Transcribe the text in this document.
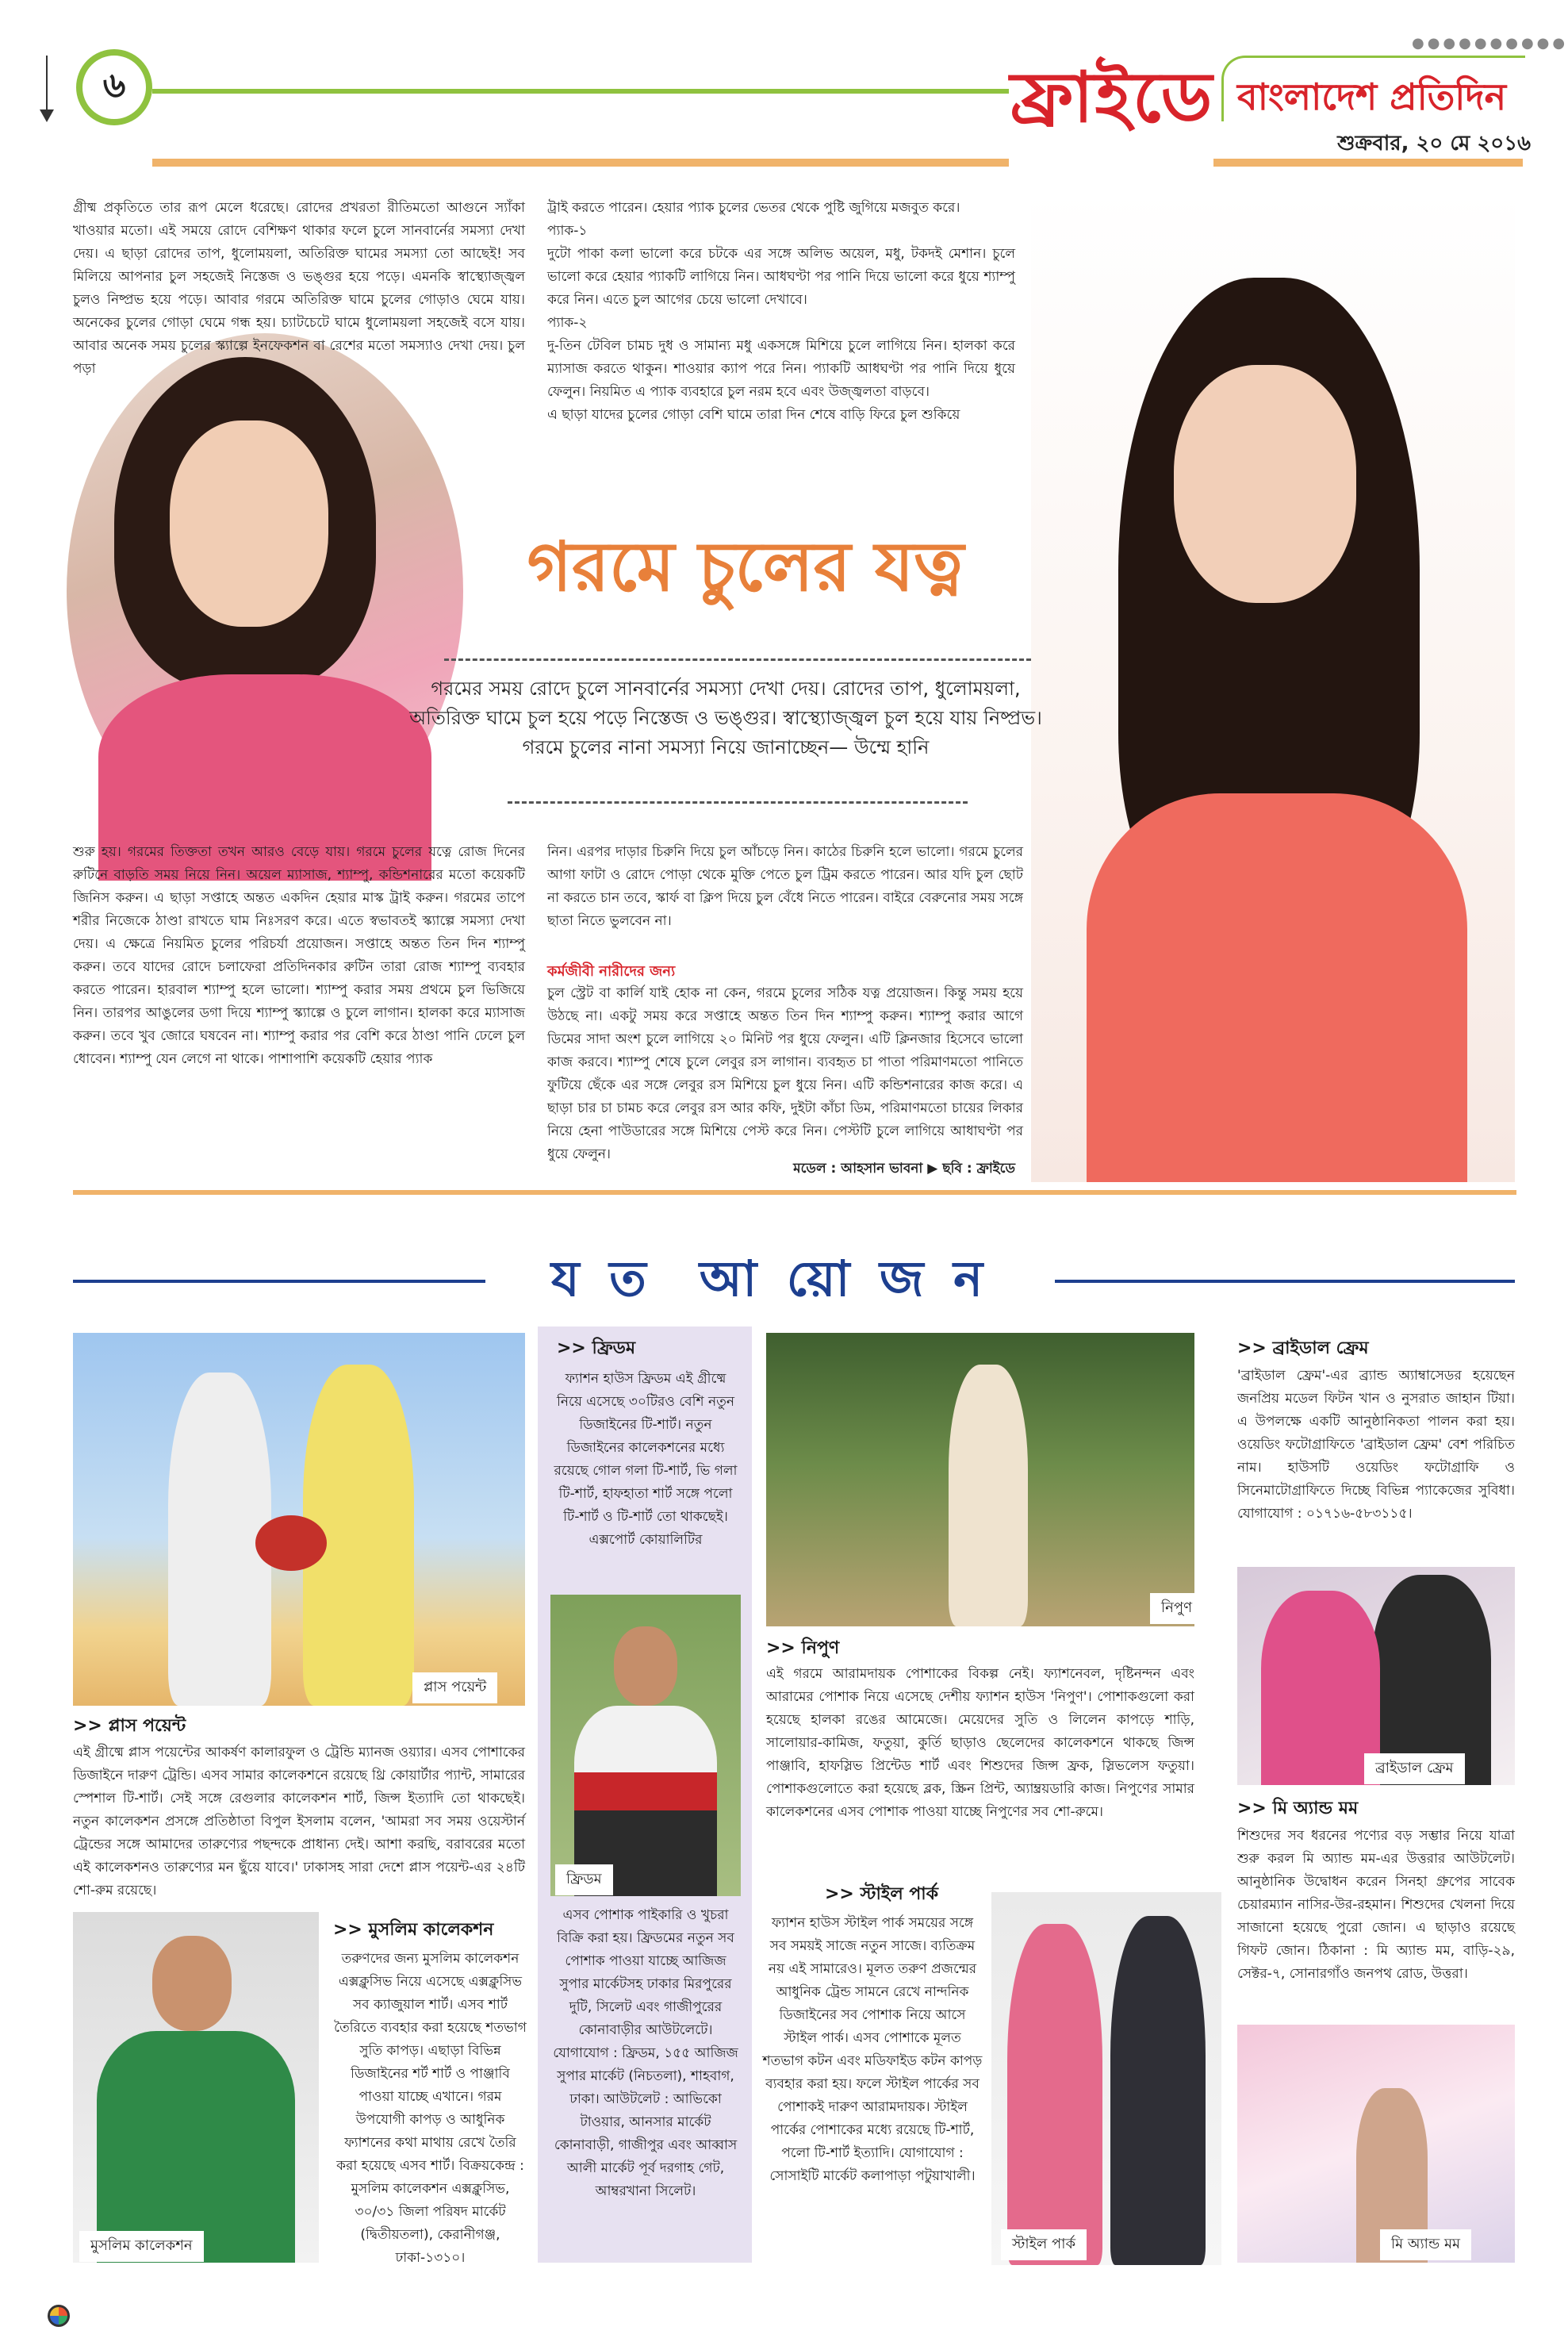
৬	ফ্রাইডে
●●●●●●●●●●
বাংলাদেশ প্রতিদিন
শুক্রবার, ২০ মে ২০১৬
গ্রীষ্ম প্রকৃতিতে তার রূপ মেলে ধরেছে। রোদের প্রখরতা রীতিমতো আগুনে স্যাঁকা খাওয়ার মতো। এই সময়ে রোদে বেশিক্ষণ থাকার ফলে চুলে সানবার্নের সমস্যা দেখা দেয়। এ ছাড়া রোদের তাপ, ধুলোময়লা, অতিরিক্ত ঘামের সমস্যা তো আছেই! সব মিলিয়ে আপনার চুল সহজেই নিস্তেজ ও ভঙ্গুর হয়ে পড়ে। এমনকি স্বাস্থ্যোজ্জ্বল চুলও নিষ্প্রভ হয়ে পড়ে। আবার গরমে অতিরিক্ত ঘামে চুলের গোড়াও ঘেমে যায়। অনেকের চুলের গোড়া ঘেমে গন্ধ হয়। চ্যাটচেটে ঘামে ধুলোময়লা সহজেই বসে যায়। আবার অনেক সময় চুলের স্ক্যাল্পে ইনফেকশন বা রেশের মতো সমস্যাও দেখা দেয়। চুল পড়া
ট্রাই করতে পারেন। হেয়ার প্যাক চুলের ভেতর থেকে পুষ্টি জুগিয়ে মজবুত করে।
প্যাক-১
দুটো পাকা কলা ভালো করে চটকে এর সঙ্গে অলিভ অয়েল, মধু, টকদই মেশান। চুলে ভালো করে হেয়ার প্যাকটি লাগিয়ে নিন। আধঘণ্টা পর পানি দিয়ে ভালো করে ধুয়ে শ্যাম্পু করে নিন। এতে চুল আগের চেয়ে ভালো দেখাবে।
প্যাক-২
দু-তিন টেবিল চামচ দুধ ও সামান্য মধু একসঙ্গে মিশিয়ে চুলে লাগিয়ে নিন। হালকা করে ম্যাসাজ করতে থাকুন। শাওয়ার ক্যাপ পরে নিন। প্যাকটি আধঘণ্টা পর পানি দিয়ে ধুয়ে ফেলুন। নিয়মিত এ প্যাক ব্যবহারে চুল নরম হবে এবং উজ্জ্বলতা বাড়বে।
এ ছাড়া যাদের চুলের গোড়া বেশি ঘামে তারা দিন শেষে বাড়ি ফিরে চুল শুকিয়ে
গরমে চুলের যত্ন
গরমের সময় রোদে চুলে সানবার্নের সমস্যা দেখা দেয়। রোদের তাপ, ধুলোময়লা, অতিরিক্ত ঘামে চুল হয়ে পড়ে নিস্তেজ ও ভঙ্গুর। স্বাস্থ্যোজ্জ্বল চুল হয়ে যায় নিষ্প্রভ। গরমে চুলের নানা সমস্যা নিয়ে জানাচ্ছেন— উম্মে হানি
শুরু হয়। গরমের তিক্ততা তখন আরও বেড়ে যায়। গরমে চুলের যত্নে রোজ দিনের রুটিনে বাড়তি সময় নিয়ে নিন। অয়েল ম্যাসাজ, শ্যাম্পু, কন্ডিশনারের মতো কয়েকটি জিনিস করুন। এ ছাড়া সপ্তাহে অন্তত একদিন হেয়ার মাস্ক ট্রাই করুন। গরমের তাপে শরীর নিজেকে ঠাণ্ডা রাখতে ঘাম নিঃসরণ করে। এতে স্বভাবতই স্ক্যাল্পে সমস্যা দেখা দেয়। এ ক্ষেত্রে নিয়মিত চুলের পরিচর্যা প্রয়োজন। সপ্তাহে অন্তত তিন দিন শ্যাম্পু করুন। তবে যাদের রোদে চলাফেরা প্রতিদিনকার রুটিন তারা রোজ শ্যাম্পু ব্যবহার করতে পারেন। হারবাল শ্যাম্পু হলে ভালো। শ্যাম্পু করার সময় প্রথমে চুল ভিজিয়ে নিন। তারপর আঙুলের ডগা দিয়ে শ্যাম্পু স্ক্যাল্পে ও চুলে লাগান। হালকা করে ম্যাসাজ করুন। তবে খুব জোরে ঘষবেন না। শ্যাম্পু করার পর বেশি করে ঠাণ্ডা পানি ঢেলে চুল ধোবেন। শ্যাম্পু যেন লেগে না থাকে। পাশাপাশি কয়েকটি হেয়ার প্যাক
নিন। এরপর দাড়ার চিরুনি দিয়ে চুল আঁচড়ে নিন। কাঠের চিরুনি হলে ভালো। গরমে চুলের আগা ফাটা ও রোদে পোড়া থেকে মুক্তি পেতে চুল ট্রিম করতে পারেন। আর যদি চুল ছোট না করতে চান তবে, স্কার্ফ বা ক্লিপ দিয়ে চুল বেঁধে নিতে পারেন। বাইরে বেরুনোর সময় সঙ্গে ছাতা নিতে ভুলবেন না।
কর্মজীবী নারীদের জন্য
চুল স্ট্রেট বা কার্লি যাই হোক না কেন, গরমে চুলের সঠিক যত্ন প্রয়োজন। কিন্তু সময় হয়ে উঠছে না। একটু সময় করে সপ্তাহে অন্তত তিন দিন শ্যাম্পু করুন। শ্যাম্পু করার আগে ডিমের সাদা অংশ চুলে লাগিয়ে ২০ মিনিট পর ধুয়ে ফেলুন। এটি ক্লিনজার হিসেবে ভালো কাজ করবে। শ্যাম্পু শেষে চুলে লেবুর রস লাগান। ব্যবহৃত চা পাতা পরিমাণমতো পানিতে ফুটিয়ে ছেঁকে এর সঙ্গে লেবুর রস মিশিয়ে চুল ধুয়ে নিন। এটি কন্ডিশনারের কাজ করে। এ ছাড়া চার চা চামচ করে লেবুর রস আর কফি, দুইটা কাঁচা ডিম, পরিমাণমতো চায়ের লিকার নিয়ে হেনা পাউডারের সঙ্গে মিশিয়ে পেস্ট করে নিন। পেস্টটি চুলে লাগিয়ে আধাঘণ্টা পর ধুয়ে ফেলুন।
মডেল : আহসান ভাবনা ▶ ছবি : ফ্রাইডে
য ত  আ য়ো জ ন
প্লাস পয়েন্ট
>> প্লাস পয়েন্ট
এই গ্রীষ্মে প্লাস পয়েন্টের আকর্ষণ কালারফুল ও ট্রেন্ডি ম্যানজ ওয়্যার। এসব পোশাকের ডিজাইনে দারুণ ট্রেন্ডি। এসব সামার কালেকশনে রয়েছে থ্রি কোয়ার্টার প্যান্ট, সামারের স্পেশাল টি-শার্ট। সেই সঙ্গে রেগুলার কালেকশন শার্ট, জিন্স ইত্যাদি তো থাকছেই। নতুন কালেকশন প্রসঙ্গে প্রতিষ্ঠাতা বিপুল ইসলাম বলেন, 'আমরা সব সময় ওয়েস্টার্ন ট্রেন্ডের সঙ্গে আমাদের তারুণ্যের পছন্দকে প্রাধান্য দেই। আশা করছি, বরাবরের মতো এই কালেকশনও তারুণ্যের মন ছুঁয়ে যাবে।' ঢাকাসহ সারা দেশে প্লাস পয়েন্ট-এর ২৪টি শো-রুম রয়েছে।
>> ফ্রিডম
ফ্যাশন হাউস ফ্রিডম এই গ্রীষ্মে নিয়ে এসেছে ৩০টিরও বেশি নতুন ডিজাইনের টি-শার্ট। নতুন ডিজাইনের কালেকশনের মধ্যে রয়েছে গোল গলা টি-শার্ট, ভি গলা টি-শার্ট, হাফহাতা শার্ট সঙ্গে পলো টি-শার্ট ও টি-শার্ট তো থাকছেই। এক্সপোর্ট কোয়ালিটির
ফ্রিডম
এসব পোশাক পাইকারি ও খুচরা বিক্রি করা হয়। ফ্রিডমের নতুন সব পোশাক পাওয়া যাচ্ছে আজিজ সুপার মার্কেটসহ ঢাকার মিরপুরের দুটি, সিলেট এবং গাজীপুরের কোনাবাড়ীর আউটলেটে। যোগাযোগ : ফ্রিডম, ১৫৫ আজিজ সুপার মার্কেট (নিচতলা), শাহবাগ, ঢাকা। আউটলেট : আভিকো টাওয়ার, আনসার মার্কেট কোনাবাড়ী, গাজীপুর এবং আব্বাস আলী মার্কেট পূর্ব দরগাহ গেট, আম্বরখানা সিলেট।
নিপুণ
>> নিপুণ
এই গরমে আরামদায়ক পোশাকের বিকল্প নেই। ফ্যাশনেবল, দৃষ্টিনন্দন এবং আরামের পোশাক নিয়ে এসেছে দেশীয় ফ্যাশন হাউস 'নিপুণ'। পোশাকগুলো করা হয়েছে হালকা রঙের আমেজে। মেয়েদের সুতি ও লিলেন কাপড়ে শাড়ি, সালোয়ার-কামিজ, ফতুয়া, কুর্তি ছাড়াও ছেলেদের কালেকশনে থাকছে জিন্স পাঞ্জাবি, হাফস্লিভ প্রিন্টেড শার্ট এবং শিশুদের জিন্স ফ্রক, স্লিভলেস ফতুয়া। পোশাকগুলোতে করা হয়েছে ব্লক, স্ক্রিন প্রিন্ট, অ্যাম্ব্রয়ডারি কাজ। নিপুণের সামার কালেকশনের এসব পোশাক পাওয়া যাচ্ছে নিপুণের সব শো-রুমে।
>> ব্রাইডাল ফ্রেম
'ব্রাইডাল ফ্রেম'-এর ব্র্যান্ড অ্যাম্বাসেডর হয়েছেন জনপ্রিয় মডেল ফিটন খান ও নুসরাত জাহান টিয়া। এ উপলক্ষে একটি আনুষ্ঠানিকতা পালন করা হয়। ওয়েডিং ফটোগ্রাফিতে 'ব্রাইডাল ফ্রেম' বেশ পরিচিত নাম। হাউসটি ওয়েডিং ফটোগ্রাফি ও সিনেমাটোগ্রাফিতে দিচ্ছে বিভিন্ন প্যাকেজের সুবিধা। যোগাযোগ : ০১৭১৬-৫৮৩১১৫।
ব্রাইডাল ফ্রেম
>> মি অ্যান্ড মম
শিশুদের সব ধরনের পণ্যের বড় সম্ভার নিয়ে যাত্রা শুরু করল মি অ্যান্ড মম-এর উত্তরার আউটলেট। আনুষ্ঠানিক উদ্বোধন করেন সিনহা গ্রুপের সাবেক চেয়ারম্যান নাসির-উর-রহমান। শিশুদের খেলনা দিয়ে সাজানো হয়েছে পুরো জোন। এ ছাড়াও রয়েছে গিফট জোন। ঠিকানা : মি অ্যান্ড মম, বাড়ি-২৯, সেক্টর-৭, সোনারগাঁও জনপথ রোড, উত্তরা।
মি অ্যান্ড মম
>> স্টাইল পার্ক
ফ্যাশন হাউস স্টাইল পার্ক সময়ের সঙ্গে সব সময়ই সাজে নতুন সাজে। ব্যতিক্রম নয় এই সামারেও। মূলত তরুণ প্রজন্মের আধুনিক ট্রেন্ড সামনে রেখে নান্দনিক ডিজাইনের সব পোশাক নিয়ে আসে স্টাইল পার্ক। এসব পোশাকে মূলত শতভাগ কটন এবং মডিফাইড কটন কাপড় ব্যবহার করা হয়। ফলে স্টাইল পার্কের সব পোশাকই দারুণ আরামদায়ক। স্টাইল পার্কের পোশাকের মধ্যে রয়েছে টি-শার্ট, পলো টি-শার্ট ইত্যাদি। যোগাযোগ : সোসাইটি মার্কেট কলাপাড়া পটুয়াখালী।
স্টাইল পার্ক
মুসলিম কালেকশন
>> মুসলিম কালেকশন
তরুণদের জন্য মুসলিম কালেকশন এক্সক্লুসিভ নিয়ে এসেছে এক্সক্লুসিভ সব ক্যাজুয়াল শার্ট। এসব শার্ট তৈরিতে ব্যবহার করা হয়েছে শতভাগ সুতি কাপড়। এছাড়া বিভিন্ন ডিজাইনের শর্ট শার্ট ও পাঞ্জাবি পাওয়া যাচ্ছে এখানে। গরম উপযোগী কাপড় ও আধুনিক ফ্যাশনের কথা মাথায় রেখে তৈরি করা হয়েছে এসব শার্ট। বিক্রয়কেন্দ্র : মুসলিম কালেকশন এক্সক্লুসিভ, ৩০/৩১ জিলা পরিষদ মার্কেট (দ্বিতীয়তলা), কেরানীগঞ্জ, ঢাকা-১৩১০।
